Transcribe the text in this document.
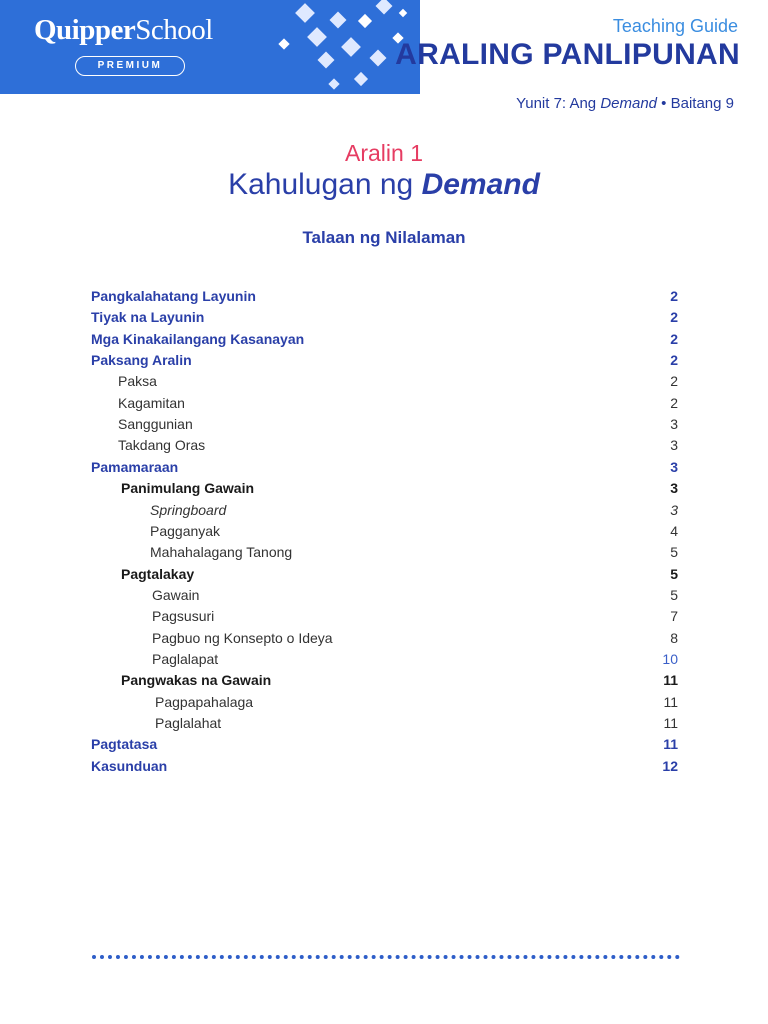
QuipperSchool
PREMIUM
Teaching Guide
ARALING PANLIPUNAN
Yunit 7: Ang Demand • Baitang 9
Aralin 1
Kahulugan ng Demand
Talaan ng Nilalaman
Pangkalahatang Layunin	2
Tiyak na Layunin	2
Mga Kinakailangang Kasanayan	2
Paksang Aralin	2
Paksa	2
Kagamitan	2
Sanggunian	3
Takdang Oras	3
Pamamaraan	3
Panimulang Gawain	3
Springboard	3
Pagganyak	4
Mahahalagang Tanong	5
Pagtalakay	5
Gawain	5
Pagsusuri	7
Pagbuo ng Konsepto o Ideya	8
Paglalapat	10
Pangwakas na Gawain	11
Pagpapahalaga	11
Paglalahat	11
Pagtatasa	11
Kasunduan	12
